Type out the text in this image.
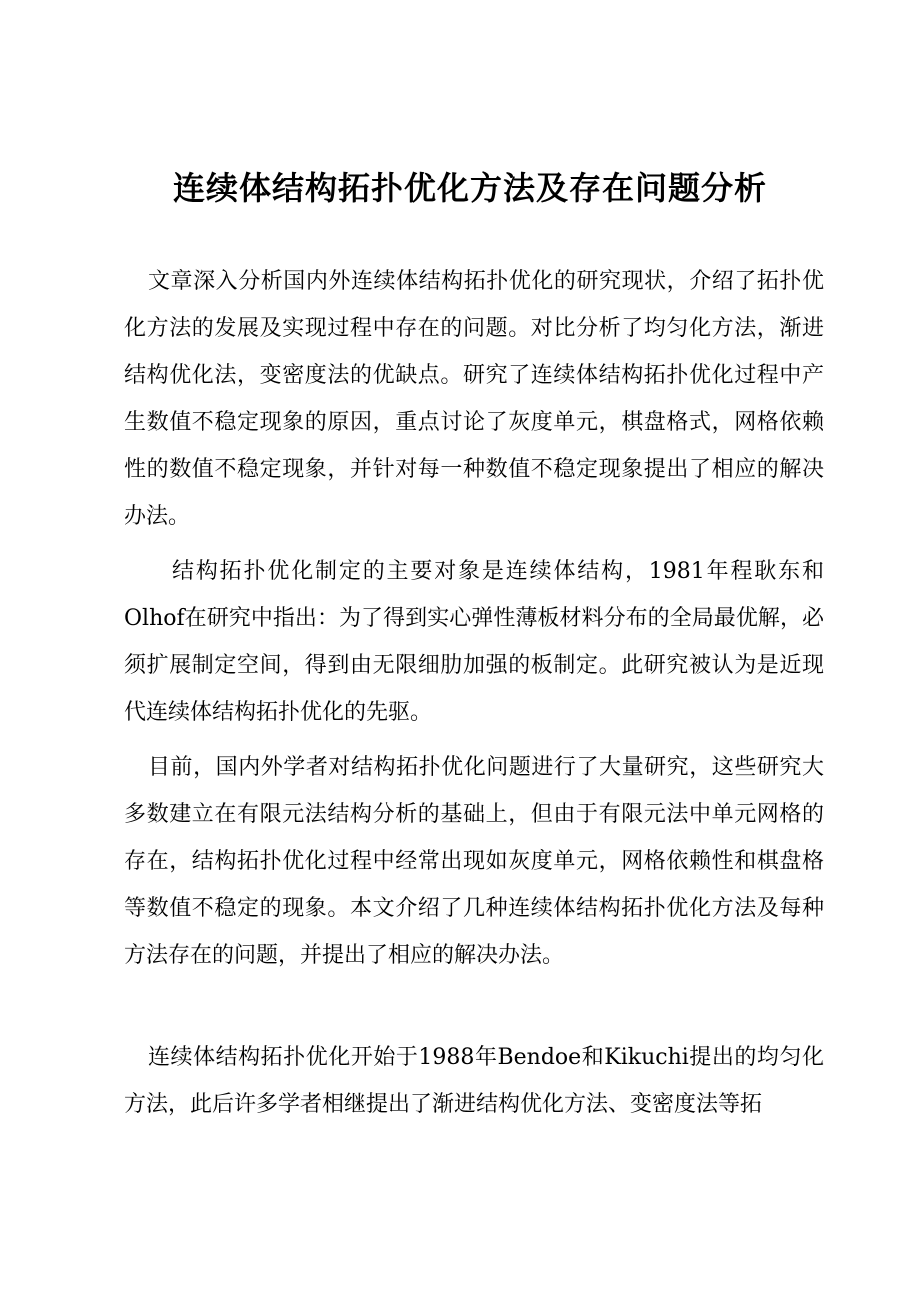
连续体结构拓扑优化方法及存在问题分析

文章深入分析国内外连续体结构拓扑优化的研究现状，介绍了拓扑优化方法的发展及实现过程中存在的问题。对比分析了均匀化方法，渐进结构优化法，变密度法的优缺点。研究了连续体结构拓扑优化过程中产生数值不稳定现象的原因，重点讨论了灰度单元，棋盘格式，网格依赖性的数值不稳定现象，并针对每一种数值不稳定现象提出了相应的解决办法。

结构拓扑优化制定的主要对象是连续体结构，1981年程耿东和Olhof在研究中指出：为了得到实心弹性薄板材料分布的全局最优解，必须扩展制定空间，得到由无限细肋加强的板制定。此研究被认为是近现代连续体结构拓扑优化的先驱。

目前，国内外学者对结构拓扑优化问题进行了大量研究，这些研究大多数建立在有限元法结构分析的基础上，但由于有限元法中单元网格的存在，结构拓扑优化过程中经常出现如灰度单元，网格依赖性和棋盘格等数值不稳定的现象。本文介绍了几种连续体结构拓扑优化方法及每种方法存在的问题，并提出了相应的解决办法。

连续体结构拓扑优化开始于1988年Bendoe和Kikuchi提出的均匀化方法，此后许多学者相继提出了渐进结构优化方法、变密度法等拓
